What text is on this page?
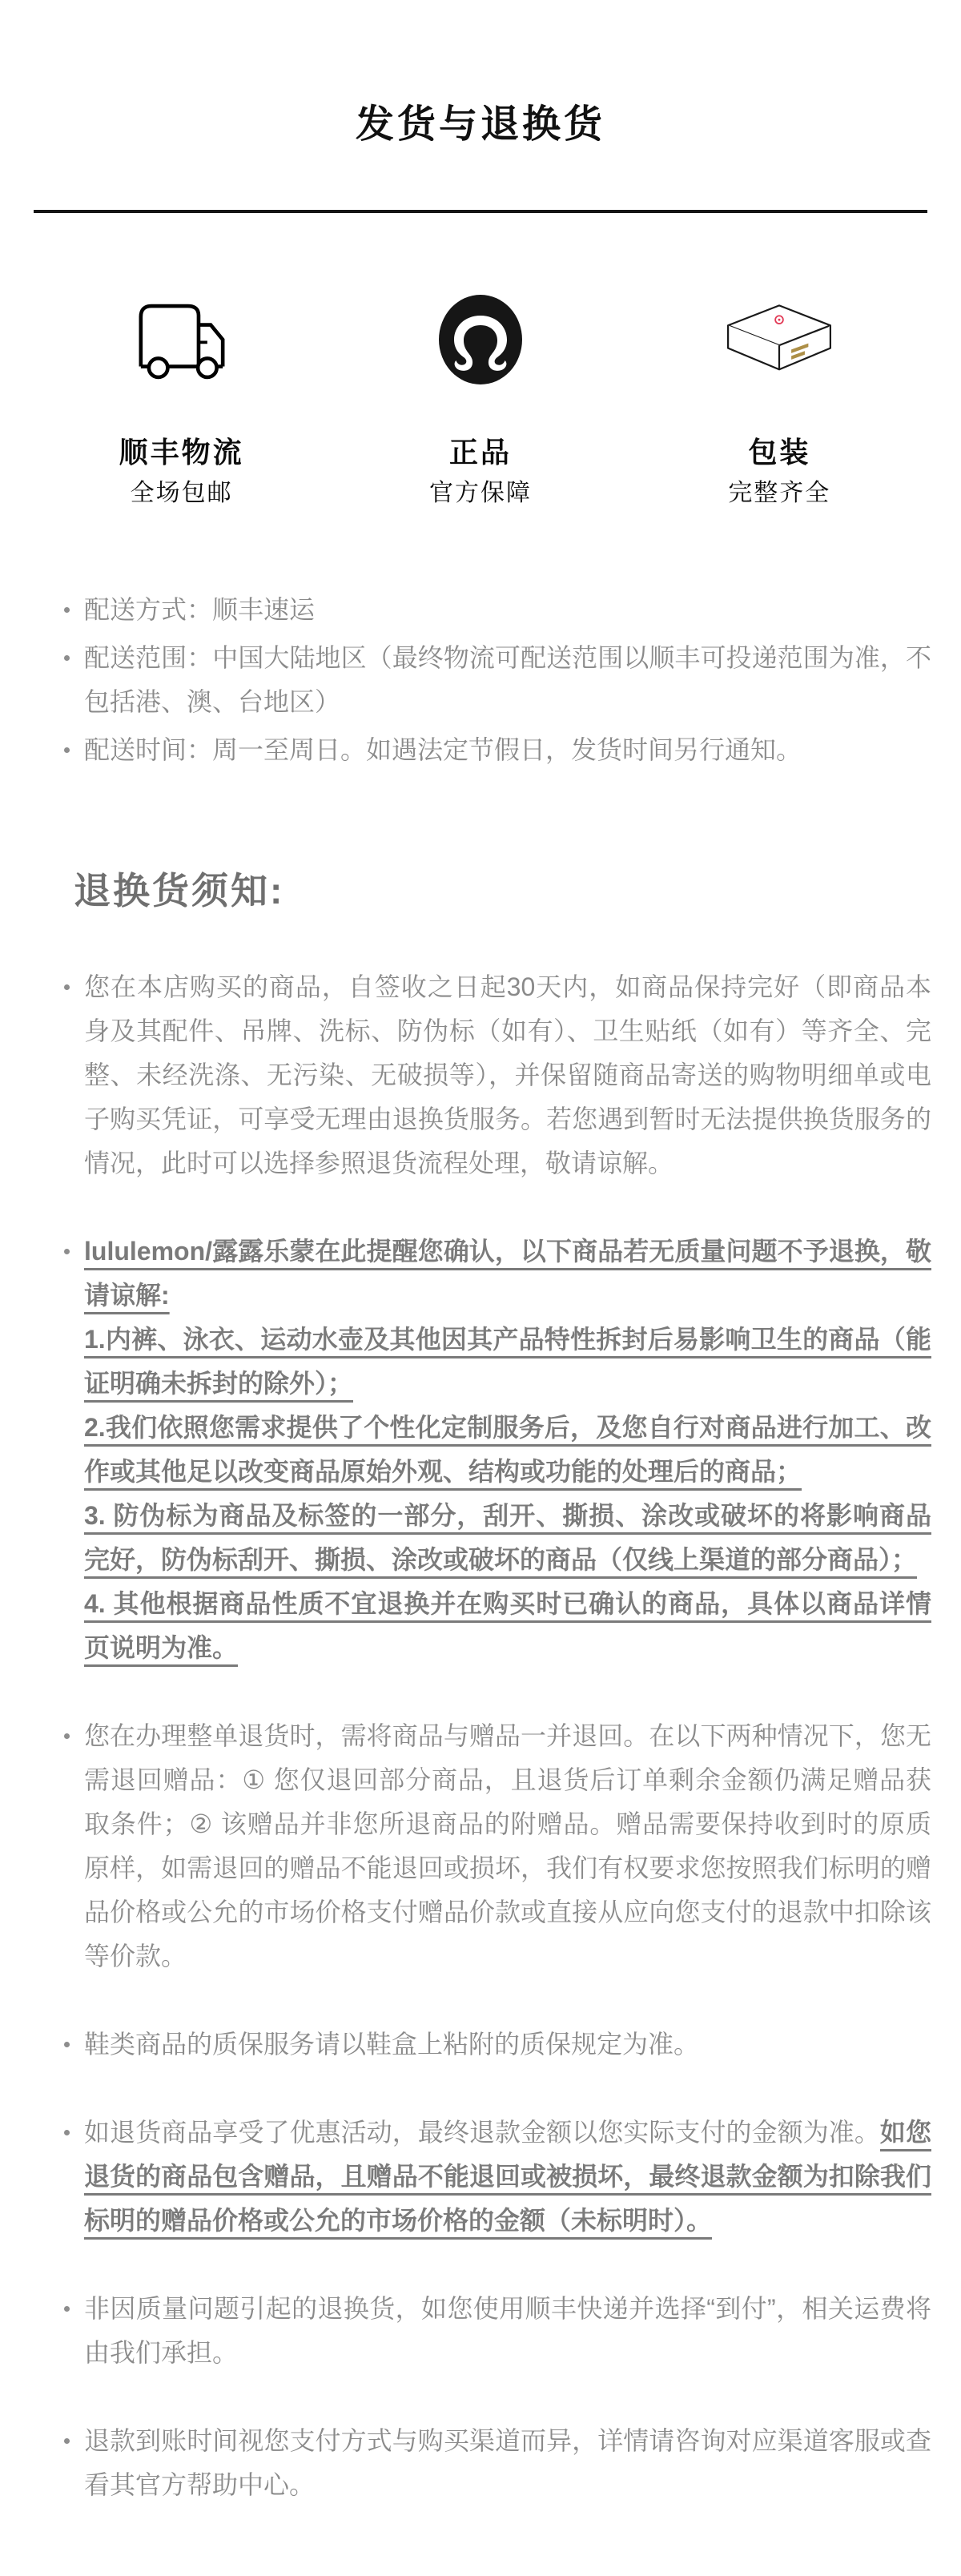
发货与退换货
顺丰物流
全场包邮
正品
官方保障
包装
完整齐全
配送方式：顺丰速运
配送范围：中国大陆地区（最终物流可配送范围以顺丰可投递范围为准，不包括港、澳、台地区）
配送时间：周一至周日。如遇法定节假日，发货时间另行通知。
退换货须知:
您在本店购买的商品，自签收之日起30天内，如商品保持完好（即商品本身及其配件、吊牌、洗标、防伪标（如有）、卫生贴纸（如有）等齐全、完整、未经洗涤、无污染、无破损等），并保留随商品寄送的购物明细单或电子购买凭证，可享受无理由退换货服务。若您遇到暂时无法提供换货服务的情况，此时可以选择参照退货流程处理，敬请谅解。
lululemon/露露乐蒙在此提醒您确认，以下商品若无质量问题不予退换，敬请谅解:
1.内裤、泳衣、运动水壶及其他因其产品特性拆封后易影响卫生的商品（能证明确未拆封的除外）；
2.我们依照您需求提供了个性化定制服务后，及您自行对商品进行加工、改作或其他足以改变商品原始外观、结构或功能的处理后的商品；
3. 防伪标为商品及标签的一部分，刮开、撕损、涂改或破坏的将影响商品完好，防伪标刮开、撕损、涂改或破坏的商品（仅线上渠道的部分商品）；
4. 其他根据商品性质不宜退换并在购买时已确认的商品，具体以商品详情页说明为准。
您在办理整单退货时，需将商品与赠品一并退回。在以下两种情况下，您无需退回赠品：① 您仅退回部分商品，且退货后订单剩余金额仍满足赠品获取条件；② 该赠品并非您所退商品的附赠品。赠品需要保持收到时的原质原样，如需退回的赠品不能退回或损坏，我们有权要求您按照我们标明的赠品价格或公允的市场价格支付赠品价款或直接从应向您支付的退款中扣除该等价款。
鞋类商品的质保服务请以鞋盒上粘附的质保规定为准。
如退货商品享受了优惠活动，最终退款金额以您实际支付的金额为准。如您退货的商品包含赠品，且赠品不能退回或被损坏，最终退款金额为扣除我们标明的赠品价格或公允的市场价格的金额（未标明时）。
非因质量问题引起的退换货，如您使用顺丰快递并选择“到付”，相关运费将由我们承担。
退款到账时间视您支付方式与购买渠道而异，详情请咨询对应渠道客服或查看其官方帮助中心。
